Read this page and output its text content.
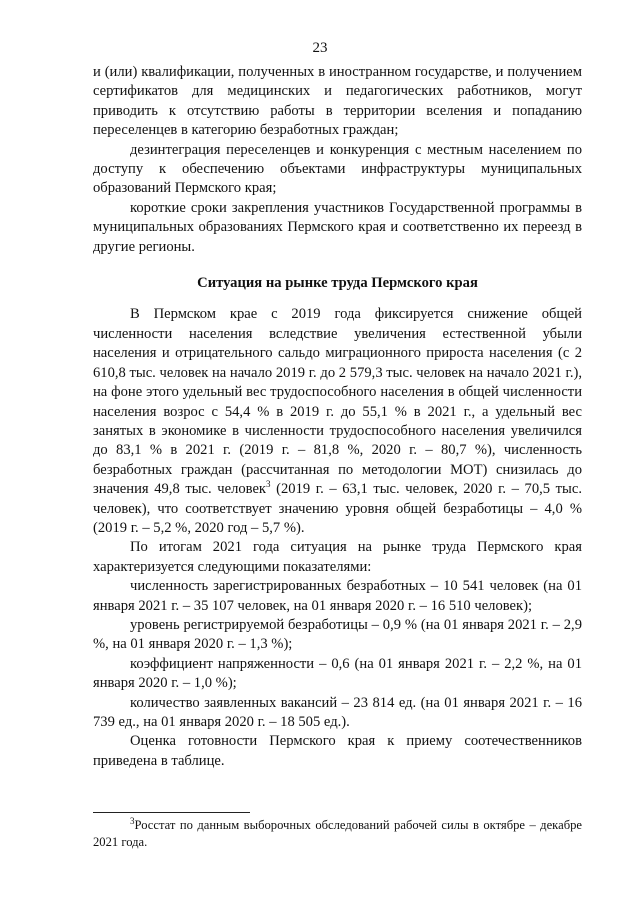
23

и (или) квалификации, полученных в иностранном государстве, и получением сертификатов для медицинских и педагогических работников, могут приводить к отсутствию работы в территории вселения и попаданию переселенцев в категорию безработных граждан;

дезинтеграция переселенцев и конкуренция с местным населением по доступу к обеспечению объектами инфраструктуры муниципальных образований Пермского края;

короткие сроки закрепления участников Государственной программы в муниципальных образованиях Пермского края и соответственно их переезд в другие регионы.

Ситуация на рынке труда Пермского края

В Пермском крае с 2019 года фиксируется снижение общей численности населения вследствие увеличения естественной убыли населения и отрицательного сальдо миграционного прироста населения (с 2 610,8 тыс. человек на начало 2019 г. до 2 579,3 тыс. человек на начало 2021 г.), на фоне этого удельный вес трудоспособного населения в общей численности населения возрос с 54,4 % в 2019 г. до 55,1 % в 2021 г., а удельный вес занятых в экономике в численности трудоспособного населения увеличился до 83,1 % в 2021 г. (2019 г. – 81,8 %, 2020 г. – 80,7 %), численность безработных граждан (рассчитанная по методологии МОТ) снизилась до значения 49,8 тыс. человек$^3$ (2019 г. – 63,1 тыс. человек, 2020 г. – 70,5 тыс. человек), что соответствует значению уровня общей безработицы – 4,0 % (2019 г. – 5,2 %, 2020 год – 5,7 %).

По итогам 2021 года ситуация на рынке труда Пермского края характеризуется следующими показателями:

численность зарегистрированных безработных – 10 541 человек (на 01 января 2021 г. – 35 107 человек, на 01 января 2020 г. – 16 510 человек);

уровень регистрируемой безработицы – 0,9 % (на 01 января 2021 г. – 2,9 %, на 01 января 2020 г. – 1,3 %);

коэффициент напряженности – 0,6 (на 01 января 2021 г. – 2,2 %, на 01 января 2020 г. – 1,0 %);

количество заявленных вакансий – 23 814 ед. (на 01 января 2021 г. – 16 739 ед., на 01 января 2020 г. – 18 505 ед.).

Оценка готовности Пермского края к приему соотечественников приведена в таблице.

$^3$Росстат по данным выборочных обследований рабочей силы в октябре – декабре 2021 года.
